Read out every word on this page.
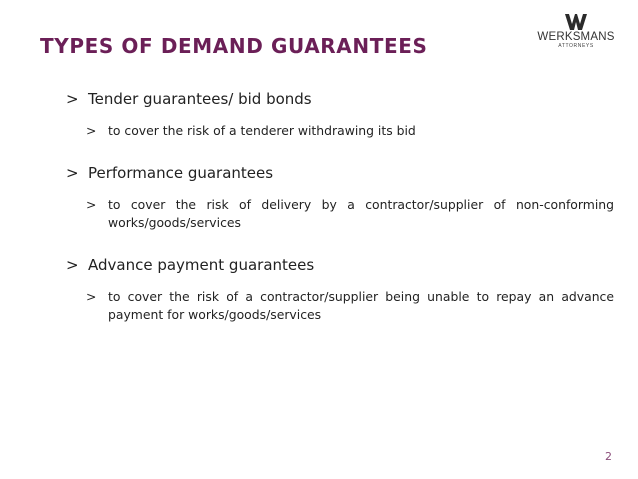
TYPES OF DEMAND GUARANTEES	WERKSMANS
ATTORNEYS
> Tender guarantees/ bid bonds
> to cover the risk of a tenderer withdrawing its bid
> Performance guarantees
> to cover the risk of delivery by a contractor/supplier of non-conforming works/goods/services
> Advance payment guarantees
> to cover the risk of a contractor/supplier being unable to repay an advance payment for works/goods/services
2
